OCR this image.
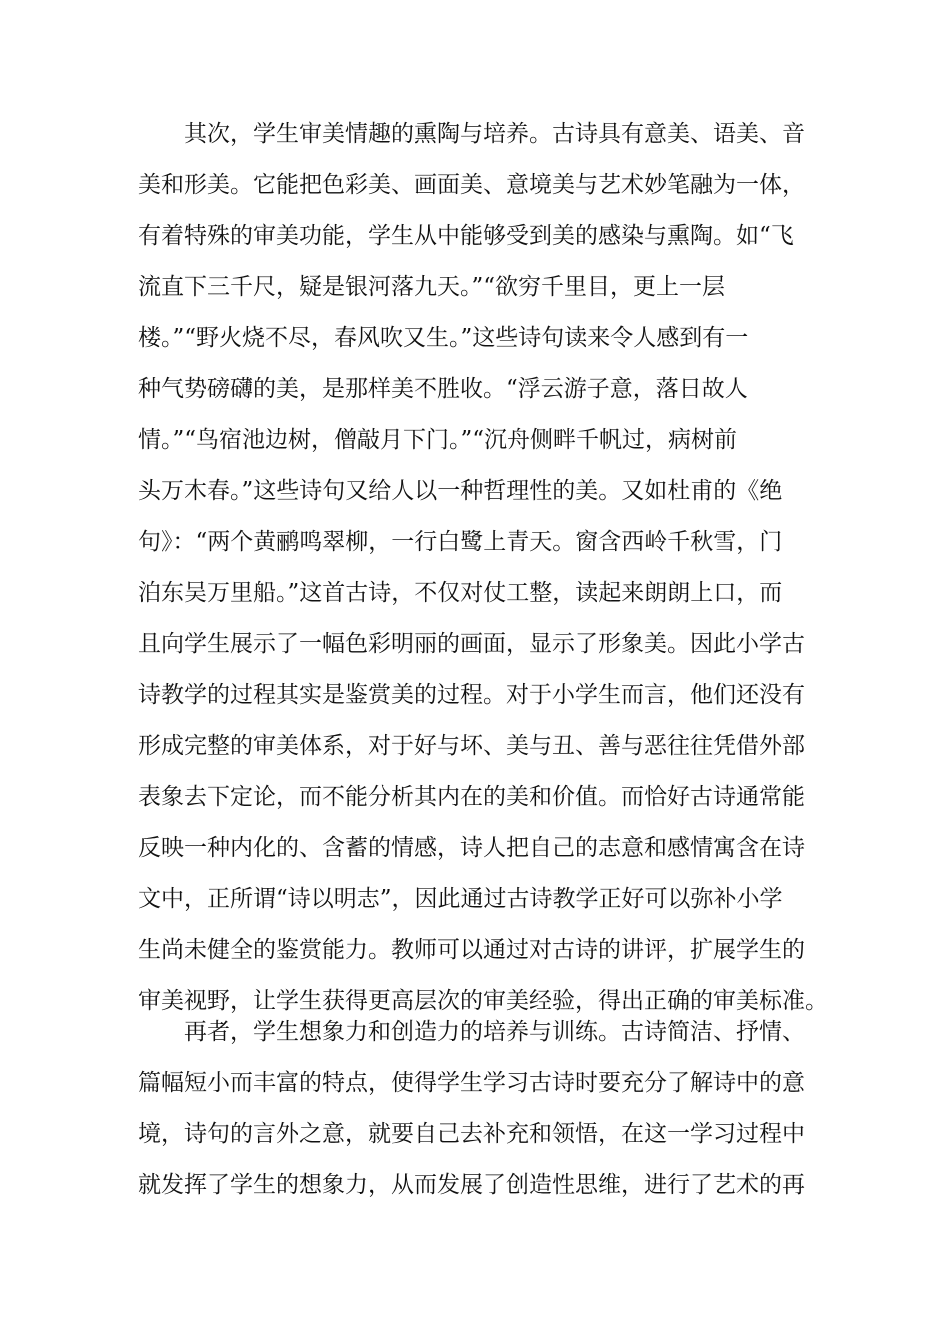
其次，学生审美情趣的熏陶与培养。古诗具有意美、语美、音
美和形美。它能把色彩美、画面美、意境美与艺术妙笔融为一体，
有着特殊的审美功能，学生从中能够受到美的感染与熏陶。如“飞
流直下三千尺，疑是银河落九天。”“欲穷千里目，更上一层
楼。”“野火烧不尽，春风吹又生。”这些诗句读来令人感到有一
种气势磅礴的美，是那样美不胜收。“浮云游子意，落日故人
情。”“鸟宿池边树，僧敲月下门。”“沉舟侧畔千帆过，病树前
头万木春。”这些诗句又给人以一种哲理性的美。又如杜甫的《绝
句》：“两个黄鹂鸣翠柳，一行白鹭上青天。窗含西岭千秋雪，门
泊东吴万里船。”这首古诗，不仅对仗工整，读起来朗朗上口，而
且向学生展示了一幅色彩明丽的画面，显示了形象美。因此小学古
诗教学的过程其实是鉴赏美的过程。对于小学生而言，他们还没有
形成完整的审美体系，对于好与坏、美与丑、善与恶往往凭借外部
表象去下定论，而不能分析其内在的美和价值。而恰好古诗通常能
反映一种内化的、含蓄的情感，诗人把自己的志意和感情寓含在诗
文中，正所谓“诗以明志”，因此通过古诗教学正好可以弥补小学
生尚未健全的鉴赏能力。教师可以通过对古诗的讲评，扩展学生的
审美视野，让学生获得更高层次的审美经验，得出正确的审美标准。
再者，学生想象力和创造力的培养与训练。古诗简洁、抒情、
篇幅短小而丰富的特点，使得学生学习古诗时要充分了解诗中的意
境，诗句的言外之意，就要自己去补充和领悟，在这一学习过程中
就发挥了学生的想象力，从而发展了创造性思维，进行了艺术的再
